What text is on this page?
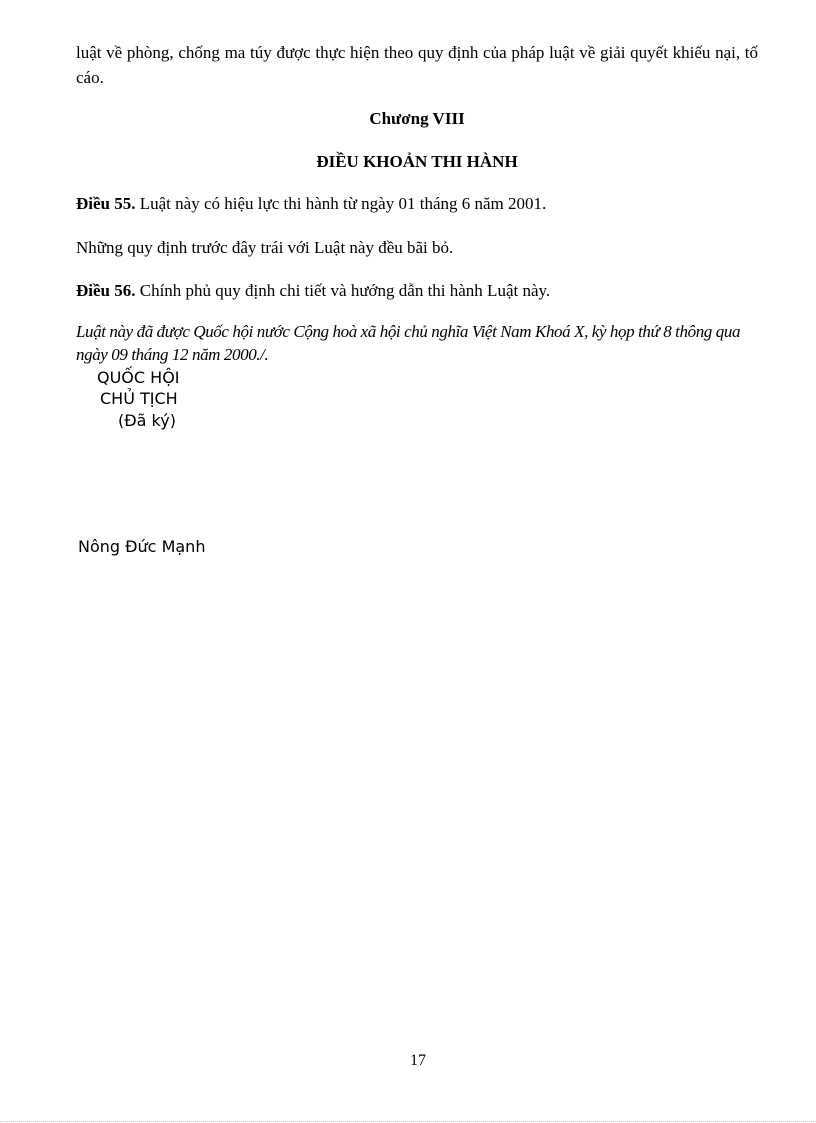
luật về phòng, chống ma túy được thực hiện theo quy định của pháp luật về giải quyết khiếu nại, tố cáo.
Chương VIII
ĐIỀU KHOẢN THI HÀNH
Điều 55. Luật này có hiệu lực thi hành từ ngày 01 tháng 6 năm 2001.
Những quy định trước đây trái với Luật này đều bãi bỏ.
Điều 56. Chính phủ quy định chi tiết và hướng dẫn thi hành Luật này.
Luật này đã được Quốc hội nước Cộng hoà xã hội chủ nghĩa Việt Nam Khoá X, kỳ họp thứ 8 thông qua ngày 09 tháng 12 năm 2000./.
QUỐC HỘI
CHỦ TỊCH
(Đã ký)
Nông Đức Mạnh
17
